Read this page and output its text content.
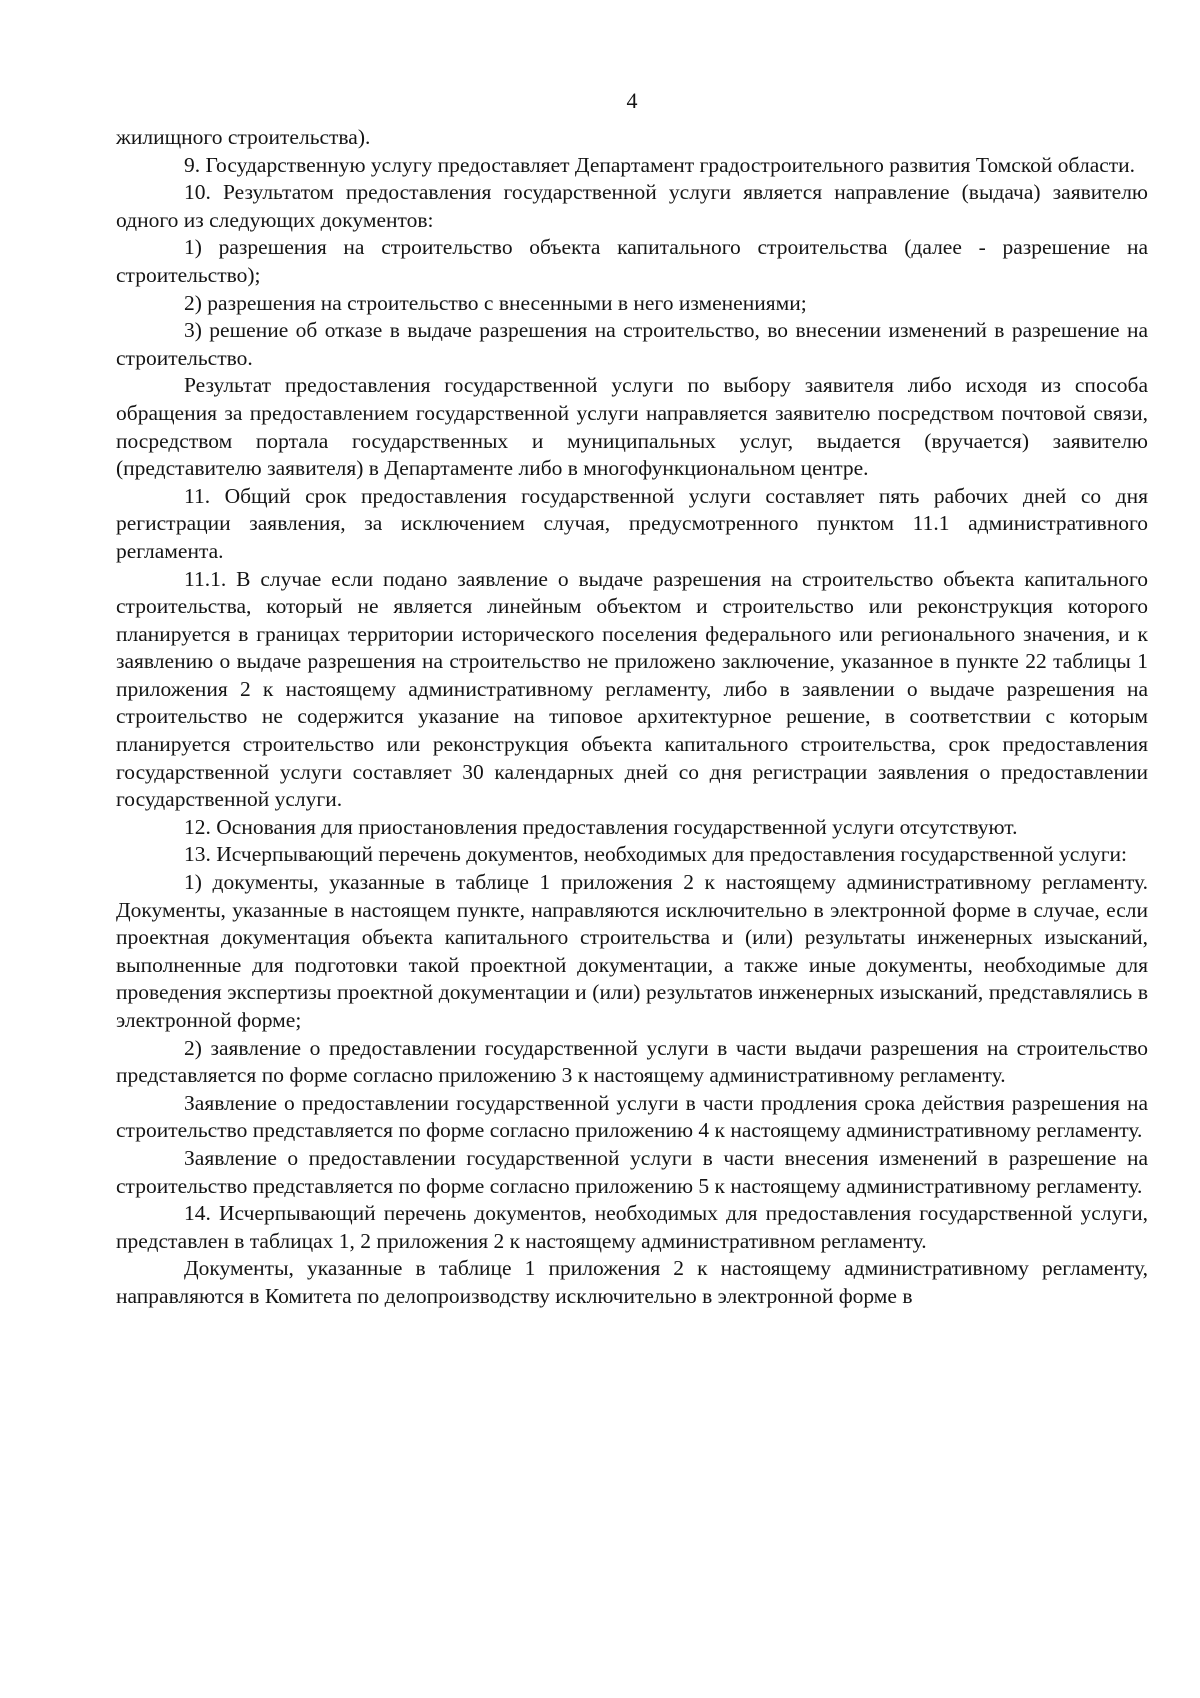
4

жилищного строительства).

9. Государственную услугу предоставляет Департамент градостроительного развития Томской области.

10. Результатом предоставления государственной услуги является направление (выдача) заявителю одного из следующих документов:

1) разрешения на строительство объекта капитального строительства (далее - разрешение на строительство);

2) разрешения на строительство с внесенными в него изменениями;

3) решение об отказе в выдаче разрешения на строительство, во внесении изменений в разрешение на строительство.

Результат предоставления государственной услуги по выбору заявителя либо исходя из способа обращения за предоставлением государственной услуги направляется заявителю посредством почтовой связи, посредством портала государственных и муниципальных услуг, выдается (вручается) заявителю (представителю заявителя) в Департаменте либо в многофункциональном центре.

11. Общий срок предоставления государственной услуги составляет пять рабочих дней со дня регистрации заявления, за исключением случая, предусмотренного пунктом 11.1 административного регламента.

11.1. В случае если подано заявление о выдаче разрешения на строительство объекта капитального строительства, который не является линейным объектом и строительство или реконструкция которого планируется в границах территории исторического поселения федерального или регионального значения, и к заявлению о выдаче разрешения на строительство не приложено заключение, указанное в пункте 22 таблицы 1 приложения 2 к настоящему административному регламенту, либо в заявлении о выдаче разрешения на строительство не содержится указание на типовое архитектурное решение, в соответствии с которым планируется строительство или реконструкция объекта капитального строительства, срок предоставления государственной услуги составляет 30 календарных дней со дня регистрации заявления о предоставлении государственной услуги.

12. Основания для приостановления предоставления государственной услуги отсутствуют.

13. Исчерпывающий перечень документов, необходимых для предоставления государственной услуги:

1) документы, указанные в таблице 1 приложения 2 к настоящему административному регламенту. Документы, указанные в настоящем пункте, направляются исключительно в электронной форме в случае, если проектная документация объекта капитального строительства и (или) результаты инженерных изысканий, выполненные для подготовки такой проектной документации, а также иные документы, необходимые для проведения экспертизы проектной документации и (или) результатов инженерных изысканий, представлялись в электронной форме;

2) заявление о предоставлении государственной услуги в части выдачи разрешения на строительство представляется по форме согласно приложению 3 к настоящему административному регламенту.

Заявление о предоставлении государственной услуги в части продления срока действия разрешения на строительство представляется по форме согласно приложению 4 к настоящему административному регламенту.

Заявление о предоставлении государственной услуги в части внесения изменений в разрешение на строительство представляется по форме согласно приложению 5 к настоящему административному регламенту.

14. Исчерпывающий перечень документов, необходимых для предоставления государственной услуги, представлен в таблицах 1, 2 приложения 2 к настоящему административном регламенту.

Документы, указанные в таблице 1 приложения 2 к настоящему административному регламенту, направляются в Комитета по делопроизводству исключительно в электронной форме в
